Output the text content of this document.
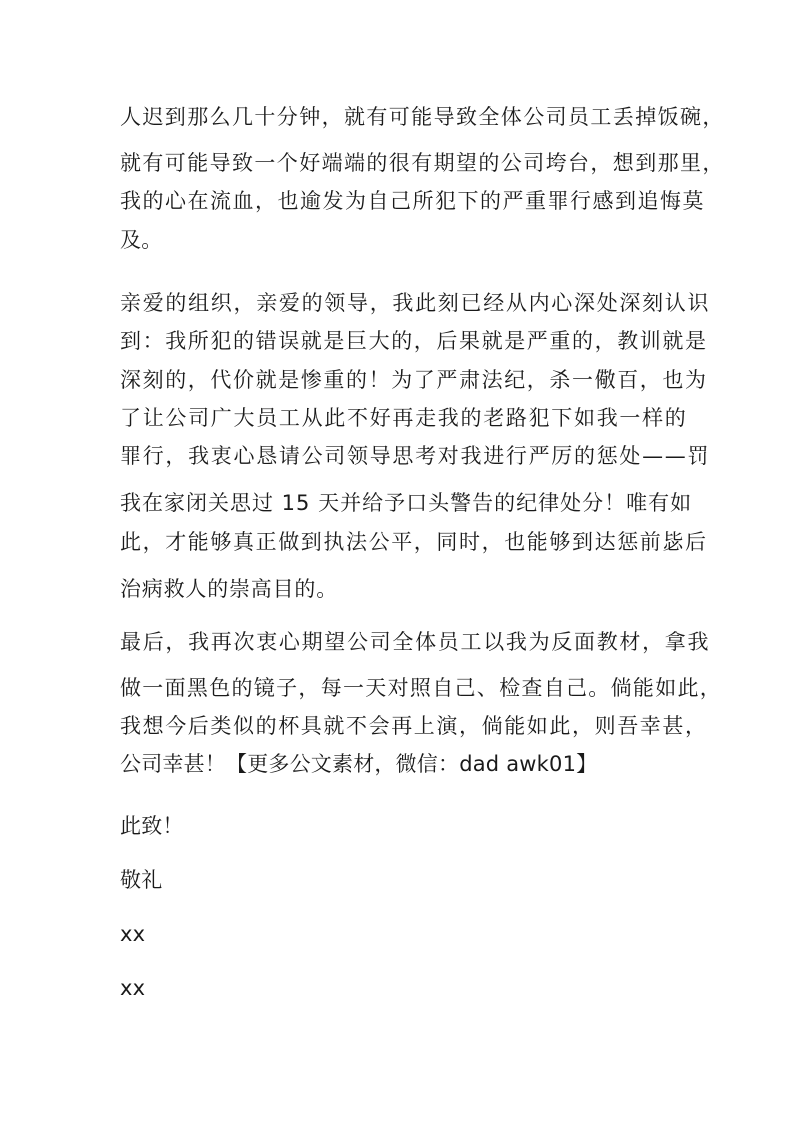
人迟到那么几十分钟，就有可能导致全体公司员工丢掉饭碗，
就有可能导致一个好端端的很有期望的公司垮台，想到那里，
我的心在流血，也逾发为自己所犯下的严重罪行感到追悔莫
及。
亲爱的组织，亲爱的领导，我此刻已经从内心深处深刻认识
到：我所犯的错误就是巨大的，后果就是严重的，教训就是
深刻的，代价就是惨重的！为了严肃法纪，杀一儆百，也为
了让公司广大员工从此不好再走我的老路犯下如我一样的
罪行，我衷心恳请公司领导思考对我进行严厉的惩处——罚
我在家闭关思过 15 天并给予口头警告的纪律处分！唯有如
此，才能够真正做到执法公平，同时，也能够到达惩前毖后
治病救人的崇高目的。
最后，我再次衷心期望公司全体员工以我为反面教材，拿我
做一面黑色的镜子，每一天对照自己、检查自己。倘能如此，
我想今后类似的杯具就不会再上演，倘能如此，则吾幸甚，
公司幸甚！【更多公文素材，微信：dad awk01】
此致！
敬礼
xx
xx
